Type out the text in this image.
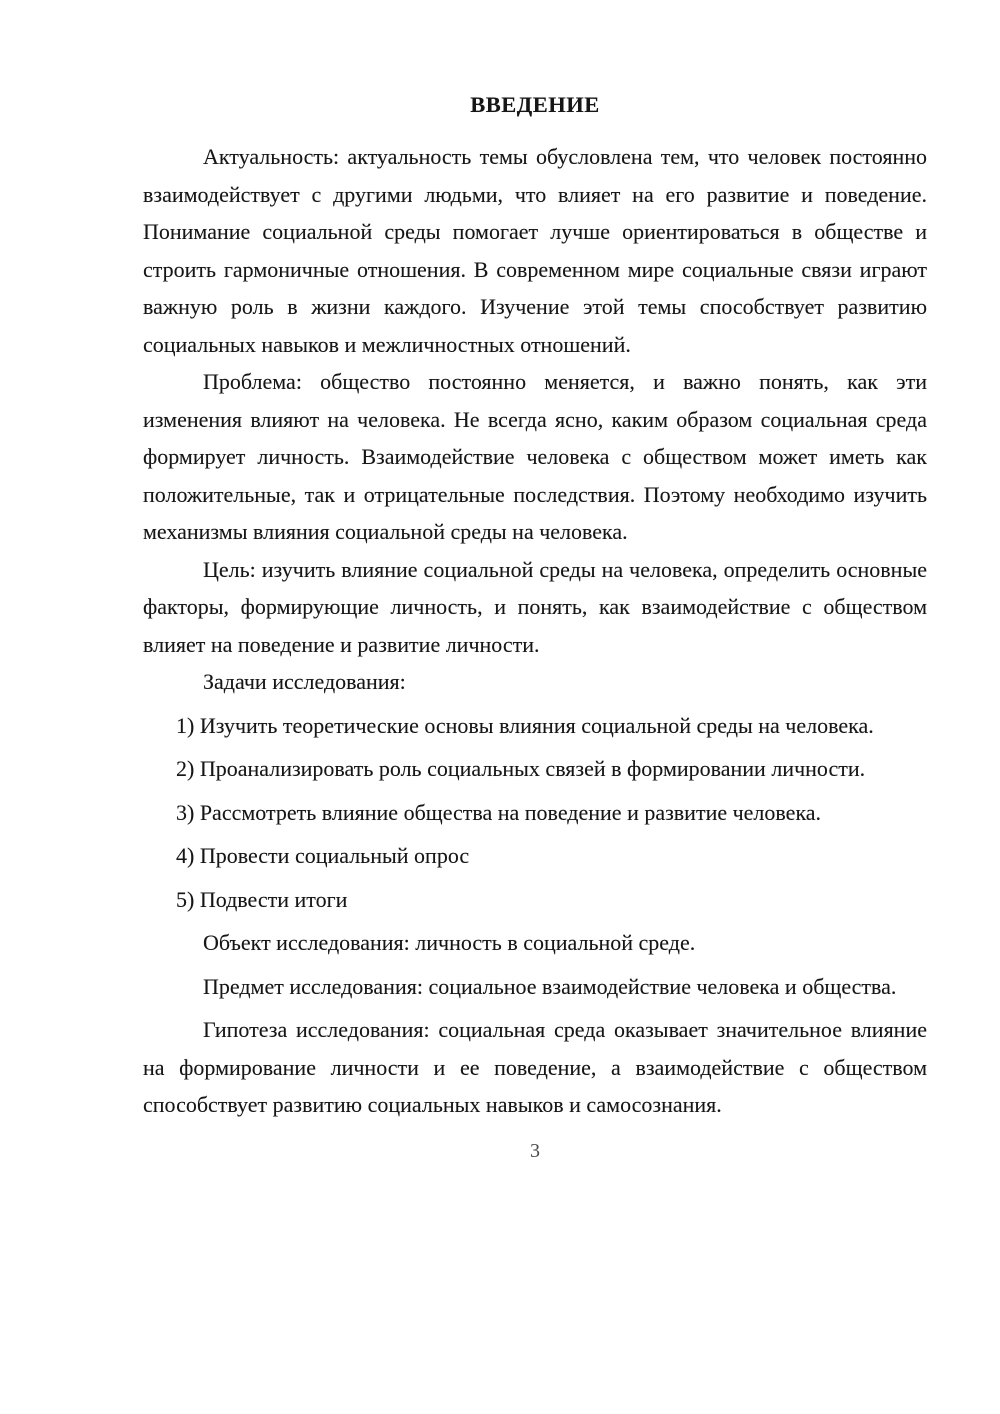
ВВЕДЕНИЕ

Актуальность: актуальность темы обусловлена тем, что человек постоянно взаимодействует с другими людьми, что влияет на его развитие и поведение. Понимание социальной среды помогает лучше ориентироваться в обществе и строить гармоничные отношения. В современном мире социальные связи играют важную роль в жизни каждого. Изучение этой темы способствует развитию социальных навыков и межличностных отношений.

Проблема: общество постоянно меняется, и важно понять, как эти изменения влияют на человека. Не всегда ясно, каким образом социальная среда формирует личность. Взаимодействие человека с обществом может иметь как положительные, так и отрицательные последствия. Поэтому необходимо изучить механизмы влияния социальной среды на человека.

Цель: изучить влияние социальной среды на человека, определить основные факторы, формирующие личность, и понять, как взаимодействие с обществом влияет на поведение и развитие личности.

Задачи исследования:

1) Изучить теоретические основы влияния социальной среды на человека.

2) Проанализировать роль социальных связей в формировании личности.

3) Рассмотреть влияние общества на поведение и развитие человека.

4) Провести социальный опрос

5) Подвести итоги

Объект исследования: личность в социальной среде.

Предмет исследования: социальное взаимодействие человека и общества.

Гипотеза исследования: социальная среда оказывает значительное влияние на формирование личности и ее поведение, а взаимодействие с обществом способствует развитию социальных навыков и самосознания.

3
